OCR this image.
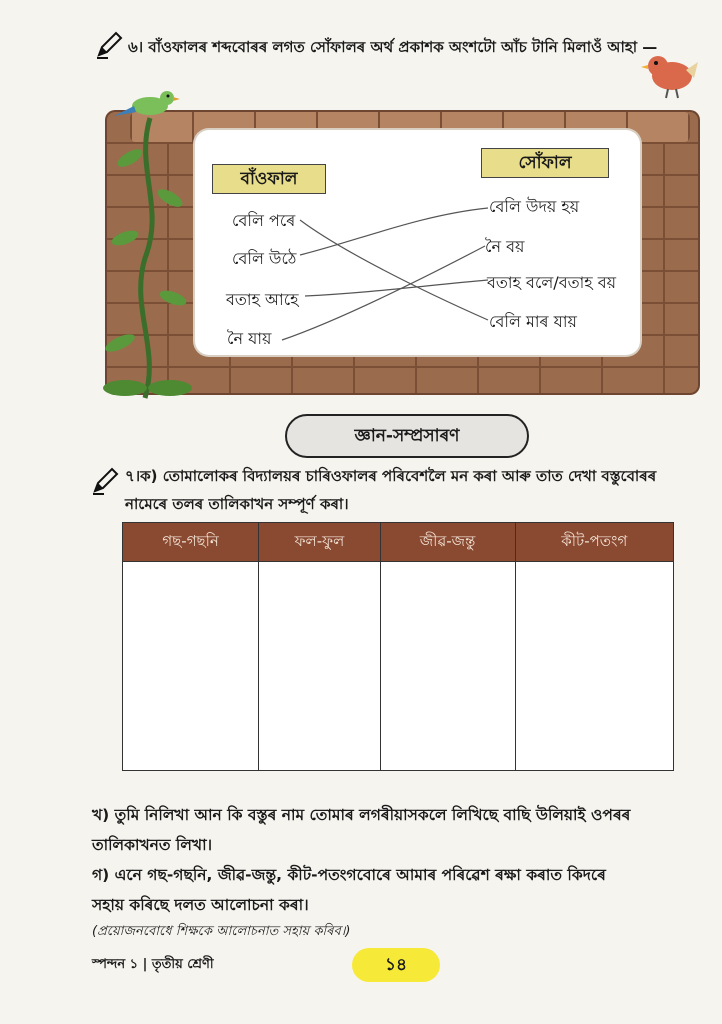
৬। বাঁওফালৰ শব্দবোৰৰ লগত সোঁফালৰ অৰ্থ প্ৰকাশক অংশটো আঁচ টানি মিলাওঁ আহা —
বাঁওফাল
সোঁফাল
বেলি পৰে
বেলি উঠে
বতাহ আহে
নৈ যায়
বেলি উদয় হয়
নৈ বয়
বতাহ বলে/বতাহ বয়
বেলি মাৰ যায়
জ্ঞান-সম্প্ৰসাৰণ
৭।ক) তোমালোকৰ বিদ্যালয়ৰ চাৰিওফালৰ পৰিবেশলৈ মন কৰা আৰু তাত দেখা বস্তুবোৰৰ
নামেৰে তলৰ তালিকাখন সম্পূৰ্ণ কৰা।
গছ-গছনি	ফল-ফুল	জীৱ-জন্তু	কীট-পতংগ

খ) তুমি নিলিখা আন কি বস্তুৰ নাম তোমাৰ লগৰীয়াসকলে লিখিছে বাছি উলিয়াই ওপৰৰ
তালিকাখনত লিখা।
গ) এনে গছ-গছনি, জীৱ-জন্তু, কীট-পতংগবোৰে আমাৰ পৰিৱেশ ৰক্ষা কৰাত কিদৰে
সহায় কৰিছে দলত আলোচনা কৰা।
(প্ৰয়োজনবোধে শিক্ষকে আলোচনাত সহায় কৰিব।)
স্পন্দন ১ | তৃতীয় শ্ৰেণী	১৪
